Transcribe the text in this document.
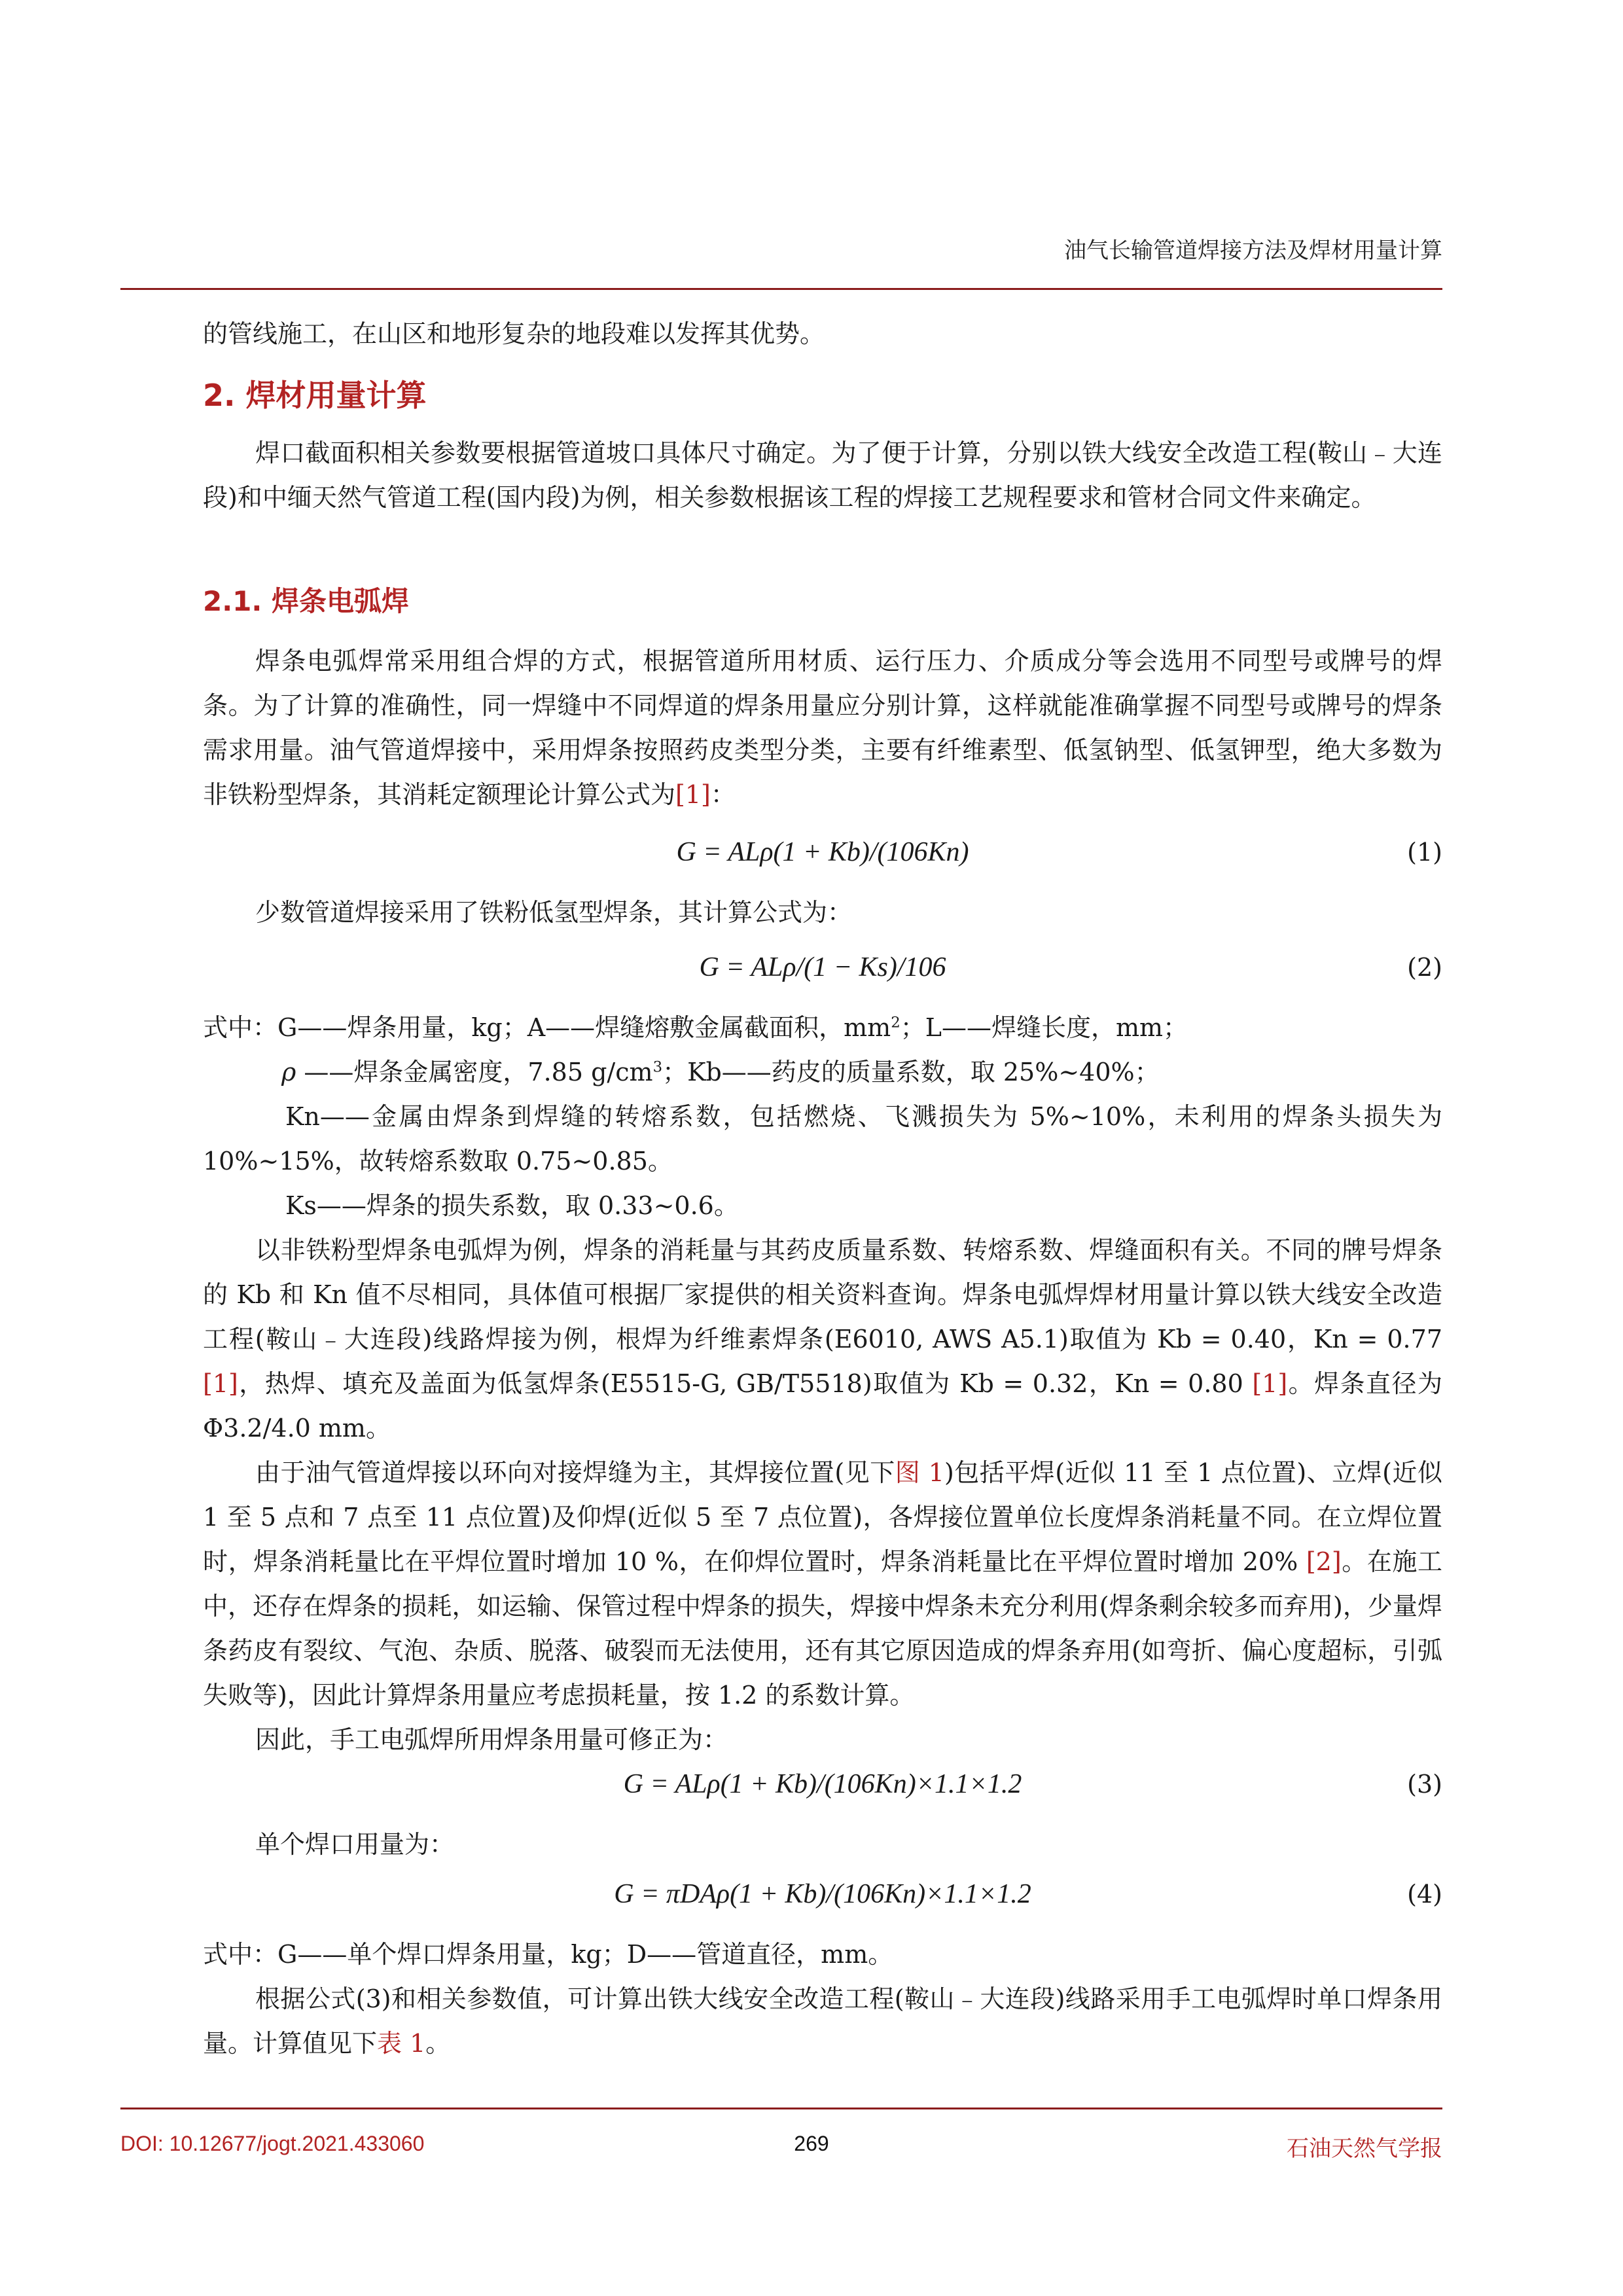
油气长输管道焊接方法及焊材用量计算
的管线施工，在山区和地形复杂的地段难以发挥其优势。
2. 焊材用量计算
焊口截面积相关参数要根据管道坡口具体尺寸确定。为了便于计算，分别以铁大线安全改造工程(鞍山﹣大连段)和中缅天然气管道工程(国内段)为例，相关参数根据该工程的焊接工艺规程要求和管材合同文件来确定。
2.1. 焊条电弧焊
焊条电弧焊常采用组合焊的方式，根据管道所用材质、运行压力、介质成分等会选用不同型号或牌号的焊条。为了计算的准确性，同一焊缝中不同焊道的焊条用量应分别计算，这样就能准确掌握不同型号或牌号的焊条需求用量。油气管道焊接中，采用焊条按照药皮类型分类，主要有纤维素型、低氢钠型、低氢钾型，绝大多数为非铁粉型焊条，其消耗定额理论计算公式为[1]：
G = ALρ(1 + Kb)/(106Kn)	(1)
少数管道焊接采用了铁粉低氢型焊条，其计算公式为：
G = ALρ/(1 − Ks)/106	(2)
式中：G——焊条用量，kg；A——焊缝熔敷金属截面积，$mm^2$；L——焊缝长度，mm；
ρ ——焊条金属密度，7.85 $g/cm^3$；Kb——药皮的质量系数，取 25%~40%；
Kn——金属由焊条到焊缝的转熔系数，包括燃烧、飞溅损失为 5%~10%，未利用的焊条头损失为 10%~15%，故转熔系数取 0.75~0.85。
Ks——焊条的损失系数，取 0.33~0.6。
以非铁粉型焊条电弧焊为例，焊条的消耗量与其药皮质量系数、转熔系数、焊缝面积有关。不同的牌号焊条的 Kb 和 Kn 值不尽相同，具体值可根据厂家提供的相关资料查询。焊条电弧焊焊材用量计算以铁大线安全改造工程(鞍山﹣大连段)线路焊接为例，根焊为纤维素焊条(E6010, AWS A5.1)取值为 Kb = 0.40，Kn = 0.77 [1]，热焊、填充及盖面为低氢焊条(E5515-G, GB/T5518)取值为 Kb = 0.32，Kn = 0.80 [1]。焊条直径为Φ3.2/4.0 mm。
由于油气管道焊接以环向对接焊缝为主，其焊接位置(见下图 1)包括平焊(近似 11 至 1 点位置)、立焊(近似 1 至 5 点和 7 点至 11 点位置)及仰焊(近似 5 至 7 点位置)，各焊接位置单位长度焊条消耗量不同。在立焊位置时，焊条消耗量比在平焊位置时增加 10 %，在仰焊位置时，焊条消耗量比在平焊位置时增加 20% [2]。在施工中，还存在焊条的损耗，如运输、保管过程中焊条的损失，焊接中焊条未充分利用(焊条剩余较多而弃用)，少量焊条药皮有裂纹、气泡、杂质、脱落、破裂而无法使用，还有其它原因造成的焊条弃用(如弯折、偏心度超标，引弧失败等)，因此计算焊条用量应考虑损耗量，按 1.2 的系数计算。
因此，手工电弧焊所用焊条用量可修正为：
G = ALρ(1 + Kb)/(106Kn)×1.1×1.2	(3)
单个焊口用量为：
G = πDAρ(1 + Kb)/(106Kn)×1.1×1.2	(4)
式中：G——单个焊口焊条用量，kg；D——管道直径，mm。
根据公式(3)和相关参数值，可计算出铁大线安全改造工程(鞍山﹣大连段)线路采用手工电弧焊时单口焊条用量。计算值见下表 1。
DOI: 10.12677/jogt.2021.433060	269	石油天然气学报
